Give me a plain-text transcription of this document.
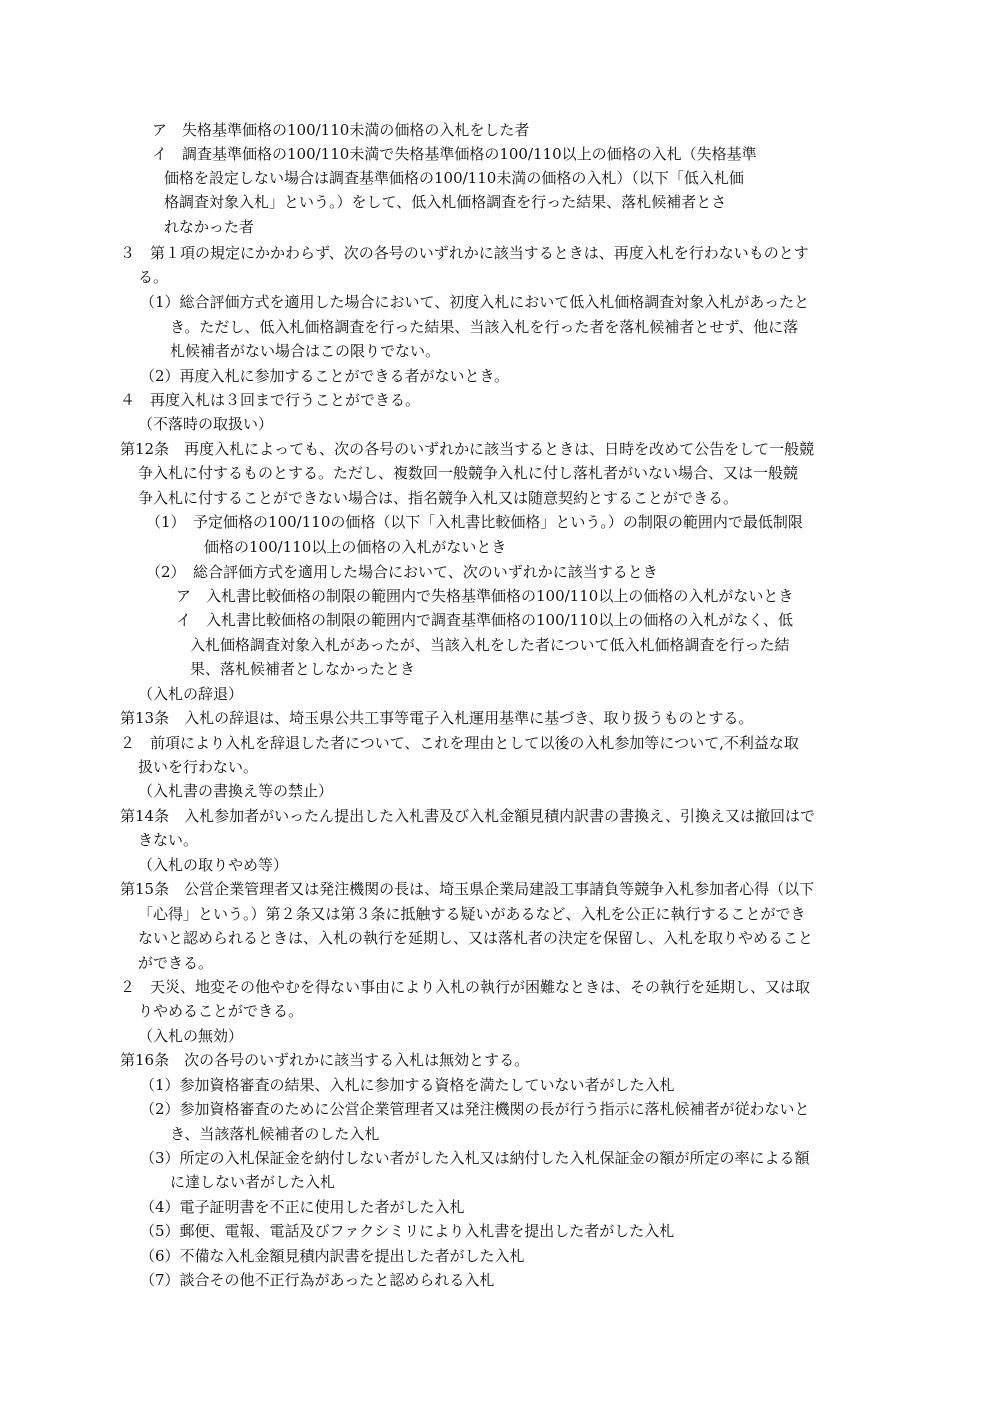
ア　失格基準価格の100/110未満の価格の入札をした者
イ　調査基準価格の100/110未満で失格基準価格の100/110以上の価格の入札（失格基準
価格を設定しない場合は調査基準価格の100/110未満の価格の入札）（以下「低入札価
格調査対象入札」という。）をして、低入札価格調査を行った結果、落札候補者とさ
れなかった者
３　第１項の規定にかかわらず、次の各号のいずれかに該当するときは、再度入札を行わないものとす
る。
（1）総合評価方式を適用した場合において、初度入札において低入札価格調査対象入札があったと
き。ただし、低入札価格調査を行った結果、当該入札を行った者を落札候補者とせず、他に落
札候補者がない場合はこの限りでない。
（2）再度入札に参加することができる者がないとき。
４　再度入札は３回まで行うことができる。
（不落時の取扱い）
第12条　再度入札によっても、次の各号のいずれかに該当するときは、日時を改めて公告をして一般競
争入札に付するものとする。ただし、複数回一般競争入札に付し落札者がいない場合、又は一般競
争入札に付することができない場合は、指名競争入札又は随意契約とすることができる。
（1）　予定価格の100/110の価格（以下「入札書比較価格」という。）の制限の範囲内で最低制限
価格の100/110以上の価格の入札がないとき
（2）　総合評価方式を適用した場合において、次のいずれかに該当するとき
ア　入札書比較価格の制限の範囲内で失格基準価格の100/110以上の価格の入札がないとき
イ　入札書比較価格の制限の範囲内で調査基準価格の100/110以上の価格の入札がなく、低
入札価格調査対象入札があったが、当該入札をした者について低入札価格調査を行った結
果、落札候補者としなかったとき
（入札の辞退）
第13条　入札の辞退は、埼玉県公共工事等電子入札運用基準に基づき、取り扱うものとする。
２　前項により入札を辞退した者について、これを理由として以後の入札参加等について,不利益な取
扱いを行わない。
（入札書の書換え等の禁止）
第14条　入札参加者がいったん提出した入札書及び入札金額見積内訳書の書換え、引換え又は撤回はで
きない。
（入札の取りやめ等）
第15条　公営企業管理者又は発注機関の長は、埼玉県企業局建設工事請負等競争入札参加者心得（以下
「心得」という。）第２条又は第３条に抵触する疑いがあるなど、入札を公正に執行することができ
ないと認められるときは、入札の執行を延期し、又は落札者の決定を保留し、入札を取りやめること
ができる。
２　天災、地変その他やむを得ない事由により入札の執行が困難なときは、その執行を延期し、又は取
りやめることができる。
（入札の無効）
第16条　次の各号のいずれかに該当する入札は無効とする。
（1）参加資格審査の結果、入札に参加する資格を満たしていない者がした入札
（2）参加資格審査のために公営企業管理者又は発注機関の長が行う指示に落札候補者が従わないと
き、当該落札候補者のした入札
（3）所定の入札保証金を納付しない者がした入札又は納付した入札保証金の額が所定の率による額
に達しない者がした入札
（4）電子証明書を不正に使用した者がした入札
（5）郵便、電報、電話及びファクシミリにより入札書を提出した者がした入札
（6）不備な入札金額見積内訳書を提出した者がした入札
（7）談合その他不正行為があったと認められる入札
